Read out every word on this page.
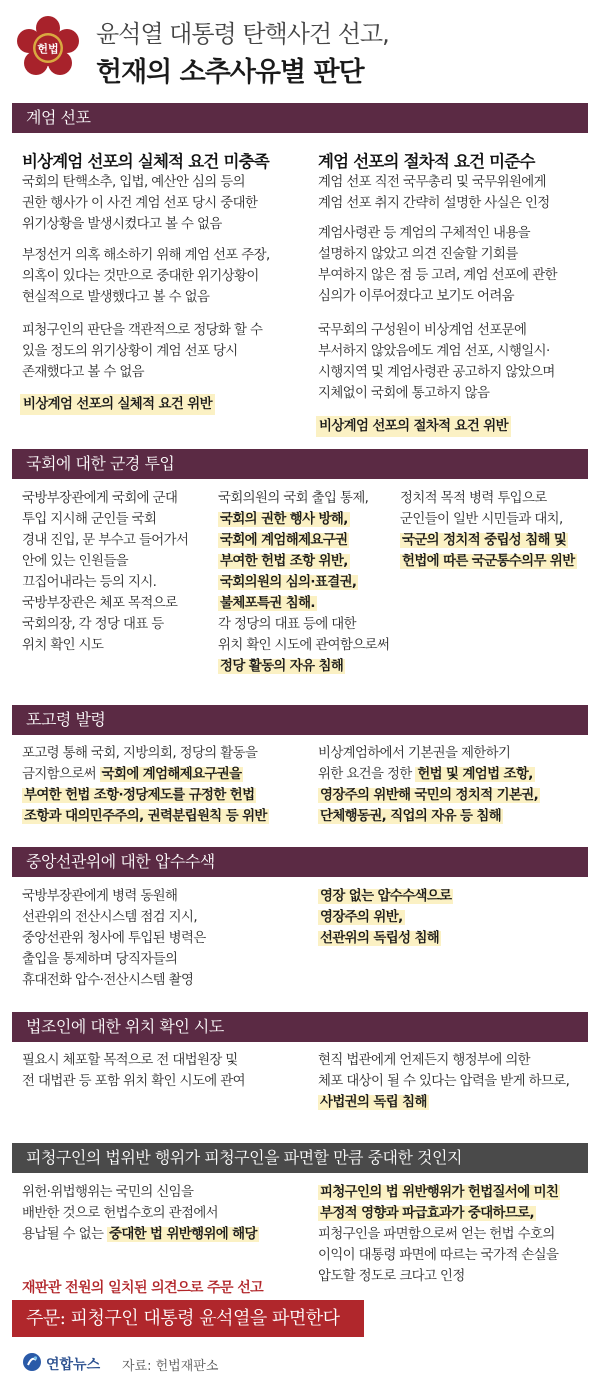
헌법
윤석열 대통령 탄핵사건 선고,
헌재의 소추사유별 판단
계엄 선포
비상계엄 선포의 실체적 요건 미충족
국회의 탄핵소추, 입법, 예산안 심의 등의
권한 행사가 이 사건 계엄 선포 당시 중대한
위기상황을 발생시켰다고 볼 수 없음
부정선거 의혹 해소하기 위해 계엄 선포 주장,
의혹이 있다는 것만으로 중대한 위기상황이
현실적으로 발생했다고 볼 수 없음
피청구인의 판단을 객관적으로 정당화 할 수
있을 정도의 위기상황이 계엄 선포 당시
존재했다고 볼 수 없음
비상계엄 선포의 실체적 요건 위반
계엄 선포의 절차적 요건 미준수
계엄 선포 직전 국무총리 및 국무위원에게
계엄 선포 취지 간략히 설명한 사실은 인정
계엄사령관 등 계엄의 구체적인 내용을
설명하지 않았고 의견 진술할 기회를
부여하지 않은 점 등 고려, 계엄 선포에 관한
심의가 이루어졌다고 보기도 어려움
국무회의 구성원이 비상계엄 선포문에
부서하지 않았음에도 계엄 선포, 시행일시·
시행지역 및 계엄사령관 공고하지 않았으며
지체없이 국회에 통고하지 않음
비상계엄 선포의 절차적 요건 위반
국회에 대한 군경 투입
국방부장관에게 국회에 군대
투입 지시해 군인들 국회
경내 진입, 문 부수고 들어가서
안에 있는 인원들을
끄집어내라는 등의 지시.
국방부장관은 체포 목적으로
국회의장, 각 정당 대표 등
위치 확인 시도
국회의원의 국회 출입 통제,
국회의 권한 행사 방해,
국회에 계엄해제요구권
부여한 헌법 조항 위반,
국회의원의 심의·표결권,
불체포특권 침해.
각 정당의 대표 등에 대한
위치 확인 시도에 관여함으로써
정당 활동의 자유 침해
정치적 목적 병력 투입으로
군인들이 일반 시민들과 대치,
국군의 정치적 중립성 침해 및
헌법에 따른 국군통수의무 위반
포고령 발령
포고령 통해 국회, 지방의회, 정당의 활동을
금지함으로써 국회에 계엄해제요구권을
부여한 헌법 조항·정당제도를 규정한 헌법
조항과 대의민주주의, 권력분립원칙 등 위반
비상계엄하에서 기본권을 제한하기
위한 요건을 정한 헌법 및 계엄법 조항,
영장주의 위반해 국민의 정치적 기본권,
단체행동권, 직업의 자유 등 침해
중앙선관위에 대한 압수수색
국방부장관에게 병력 동원해
선관위의 전산시스템 점검 지시,
중앙선관위 청사에 투입된 병력은
출입을 통제하며 당직자들의
휴대전화 압수·전산시스템 촬영
영장 없는 압수수색으로
영장주의 위반,
선관위의 독립성 침해
법조인에 대한 위치 확인 시도
필요시 체포할 목적으로 전 대법원장 및
전 대법관 등 포함 위치 확인 시도에 관여
현직 법관에게 언제든지 행정부에 의한
체포 대상이 될 수 있다는 압력을 받게 하므로,
사법권의 독립 침해
피청구인의 법위반 행위가 피청구인을 파면할 만큼 중대한 것인지
위헌·위법행위는 국민의 신임을
배반한 것으로 헌법수호의 관점에서
용납될 수 없는 중대한 법 위반행위에 해당
피청구인의 법 위반행위가 헌법질서에 미친
부정적 영향과 파급효과가 중대하므로,
피청구인을 파면함으로써 얻는 헌법 수호의
이익이 대통령 파면에 따르는 국가적 손실을
압도할 정도로 크다고 인정
재판관 전원의 일치된 의견으로 주문 선고
주문: 피청구인 대통령 윤석열을 파면한다
연합뉴스 자료: 헌법재판소
